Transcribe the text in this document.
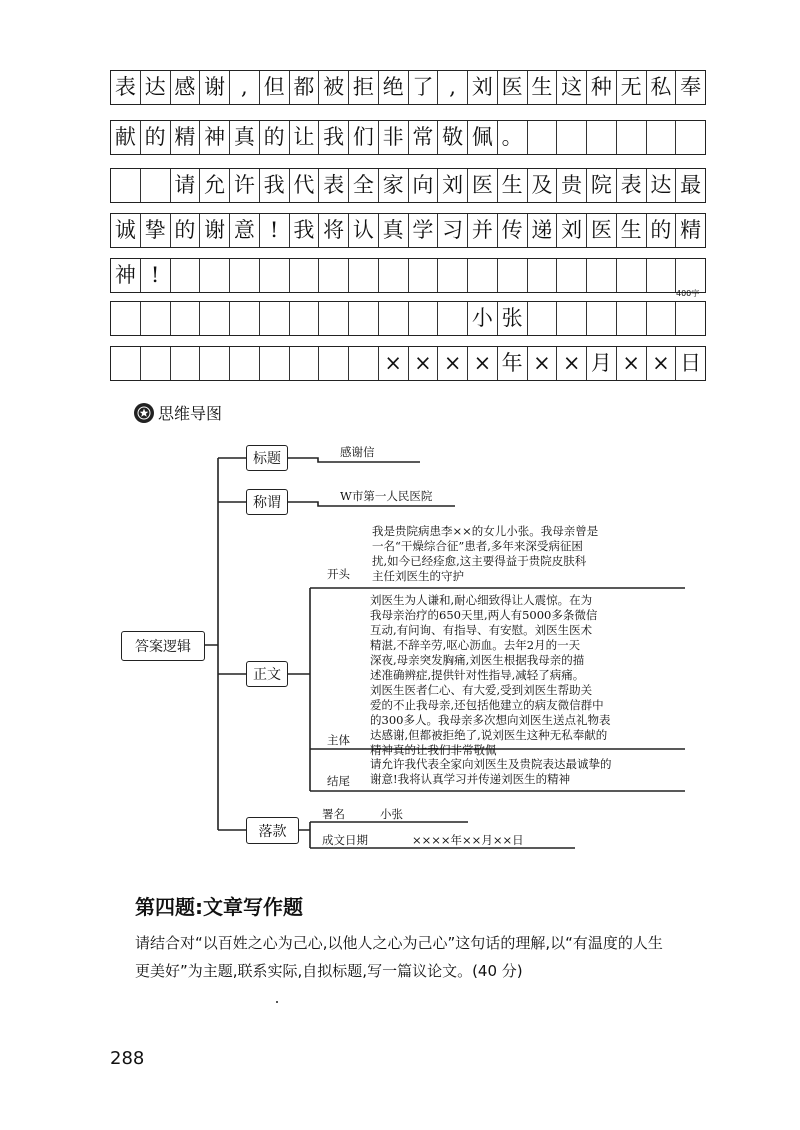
表 达 感 谢 , 但 都 被 拒 绝 了 , 刘 医 生 这 种 无 私 奉
献 的 精 神 真 的 让 我 们 非 常 敬 佩 。
请 允 许 我 代 表 全 家 向 刘 医 生 及 贵 院 表 达 最
诚 挚 的 谢 意 ! 我 将 认 真 学 习 并 传 递 刘 医 生 的 精
神 !
小 张
× × × × 年 × × 月 × × 日
400字
思维导图
答案逻辑
标题
称谓
正文
落款
感谢信
W市第一人民医院
开头
我是贵院病患李××的女儿小张。我母亲曾是
一名“干燥综合征”患者,多年来深受病征困
扰,如今已经痊愈,这主要得益于贵院皮肤科
主任刘医生的守护
主体
刘医生为人谦和,耐心细致得让人震惊。在为
我母亲治疗的650天里,两人有5000多条微信
互动,有问询、有指导、有安慰。刘医生医术
精湛,不辞辛劳,呕心沥血。去年2月的一天
深夜,母亲突发胸痛,刘医生根据我母亲的描
述准确辨症,提供针对性指导,减轻了病痛。
刘医生医者仁心、有大爱,受到刘医生帮助关
爱的不止我母亲,还包括他建立的病友微信群中
的300多人。我母亲多次想向刘医生送点礼物表
达感谢,但都被拒绝了,说刘医生这种无私奉献的
精神真的让我们非常敬佩
结尾
请允许我代表全家向刘医生及贵院表达最诚挚的
谢意!我将认真学习并传递刘医生的精神
署名	小张
成文日期	××××年××月××日
第四题:文章写作题
请结合对“以百姓之心为己心,以他人之心为己心”这句话的理解,以“有温度的人生
更美好”为主题,联系实际,自拟标题,写一篇议论文。(40 分)
288
